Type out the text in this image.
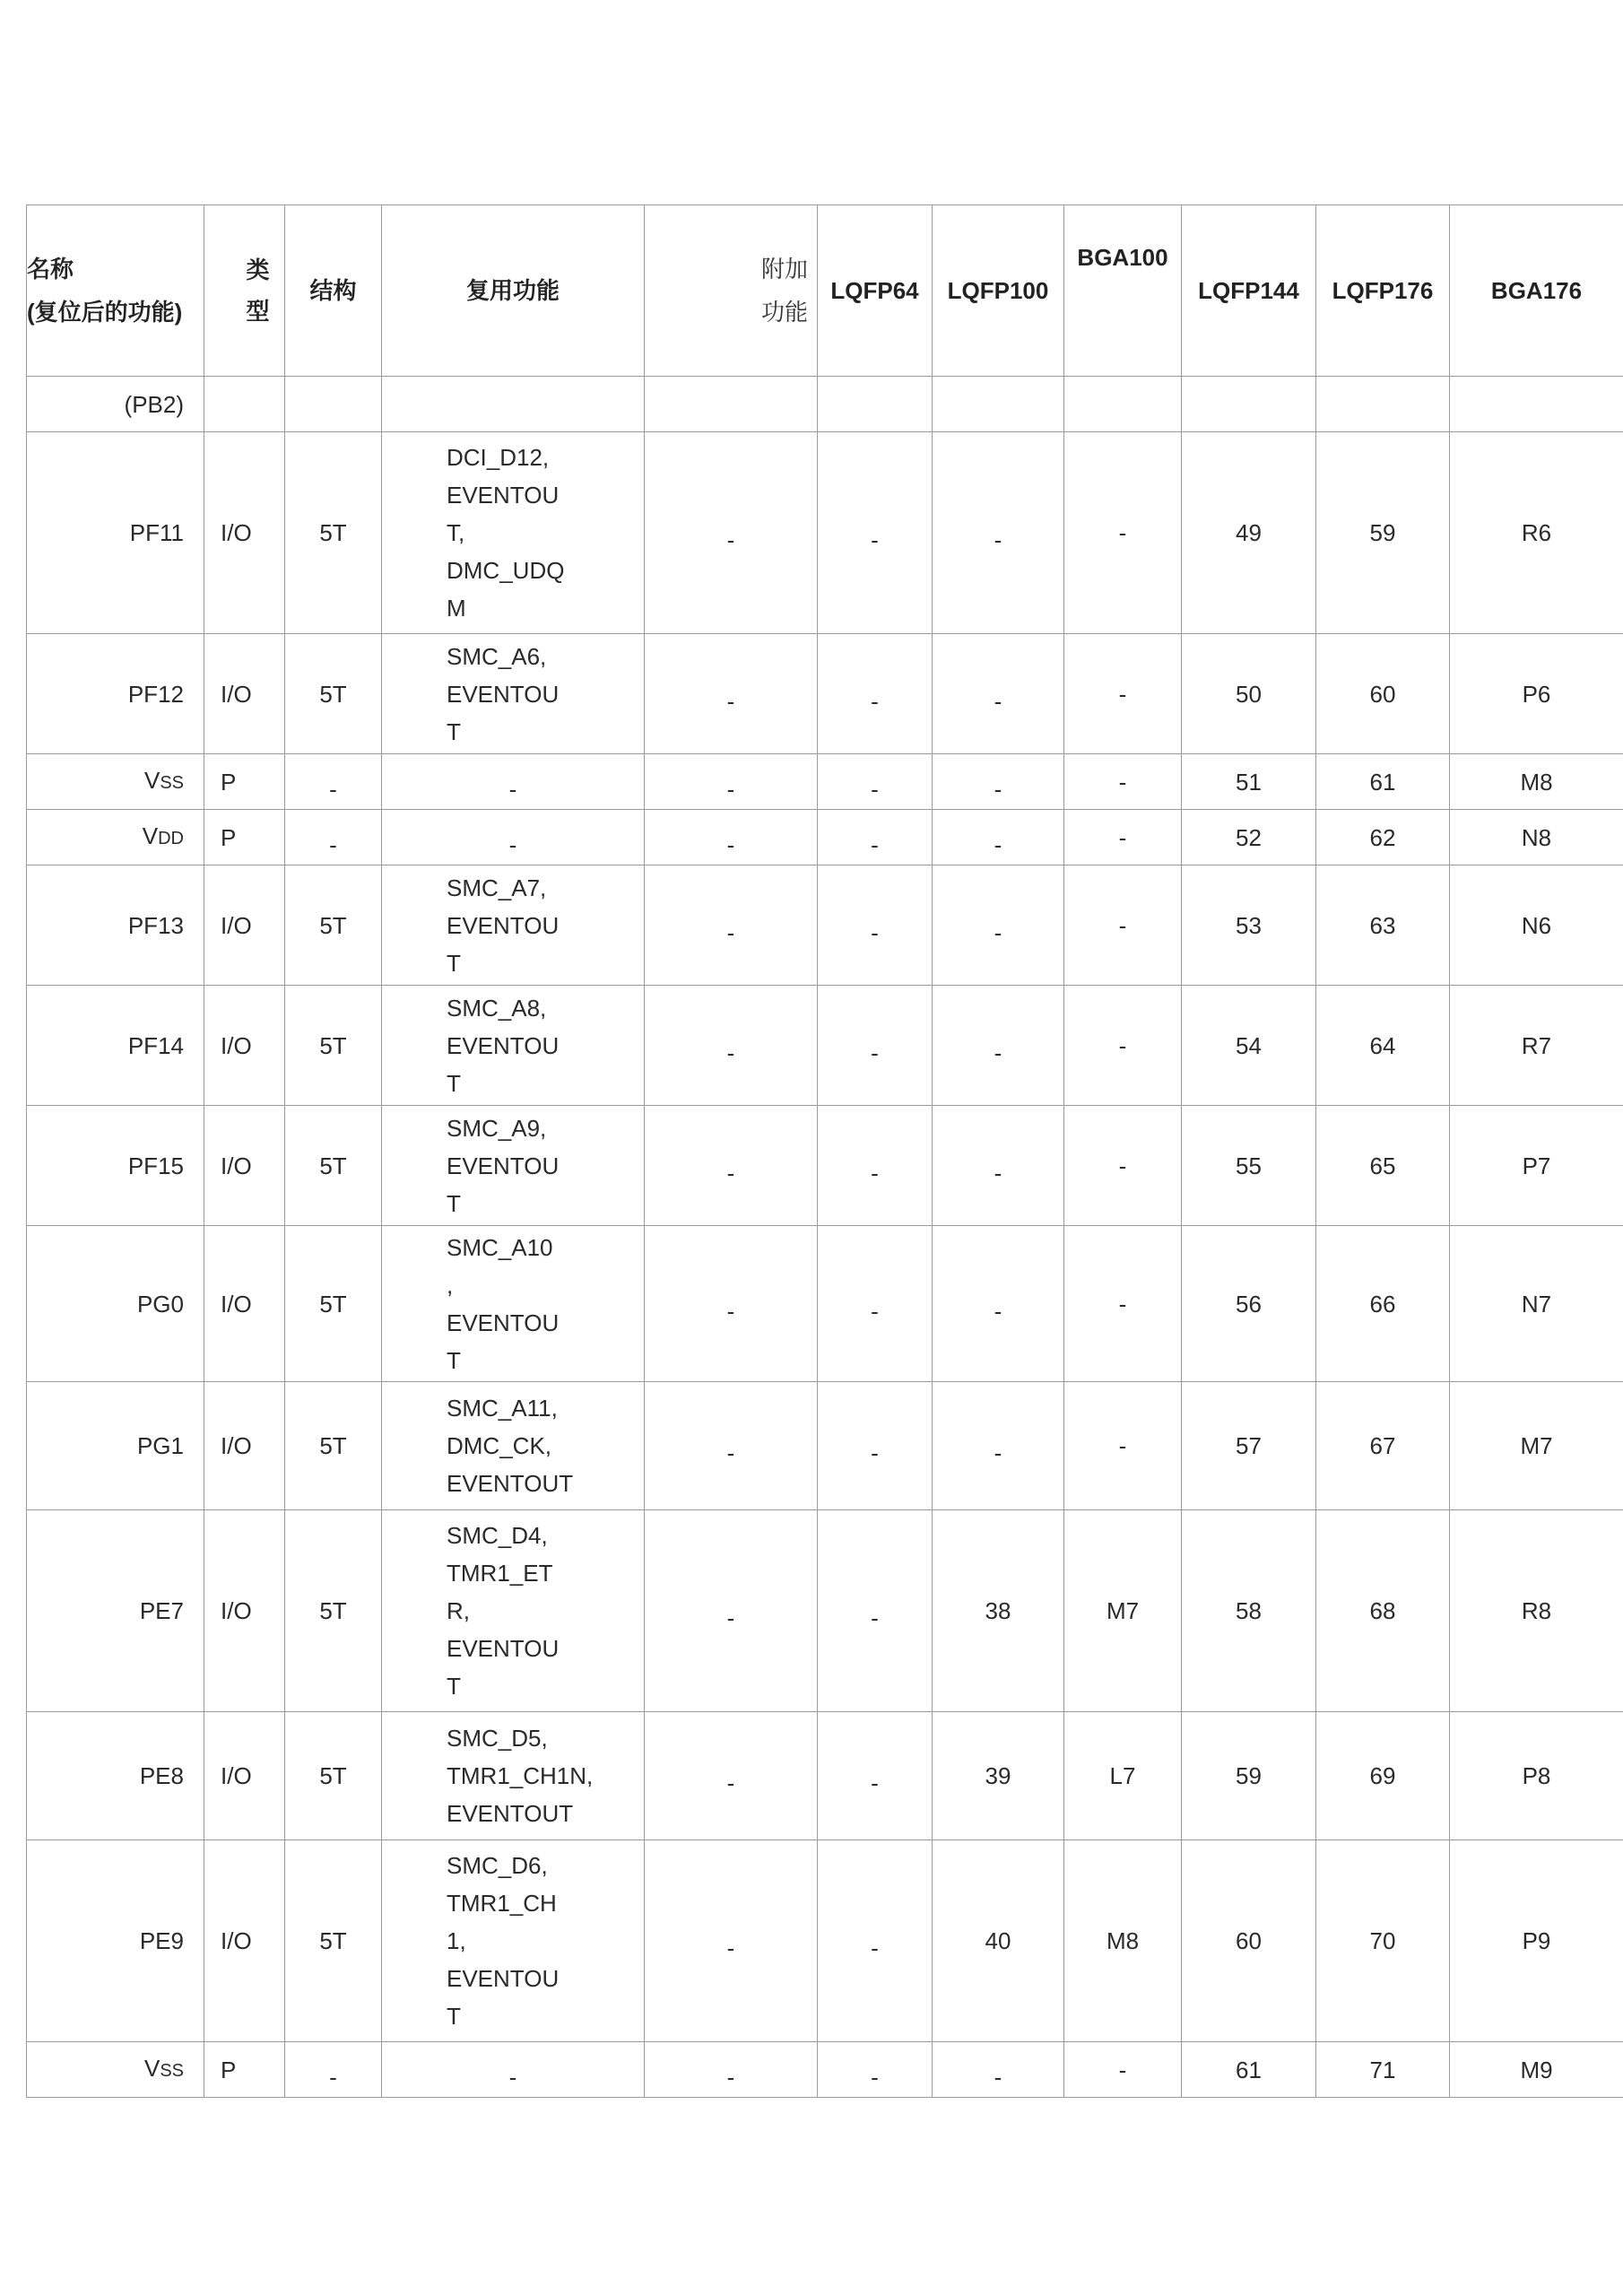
名称
(复位后的功能)	类
型	结构	复用功能	附加功能	LQFP64	LQFP100	BGA100	LQFP144	LQFP176	BGA176
(PB2)										
PF11	I/O	5T	DCI_D12,
EVENTOU
T,
DMC_UDQ
M	-	-	-	-	49	59	R6
PF12	I/O	5T	SMC_A6,
EVENTOU
T	-	-	-	-	50	60	P6
VSS	P	-	-	-	-	-	-	51	61	M8
VDD	P	-	-	-	-	-	-	52	62	N8
PF13	I/O	5T	SMC_A7,
EVENTOU
T	-	-	-	-	53	63	N6
PF14	I/O	5T	SMC_A8,
EVENTOU
T	-	-	-	-	54	64	R7
PF15	I/O	5T	SMC_A9,
EVENTOU
T	-	-	-	-	55	65	P7
PG0	I/O	5T	SMC_A10
,
EVENTOU
T	-	-	-	-	56	66	N7
PG1	I/O	5T	SMC_A11,
DMC_CK,
EVENTOUT	-	-	-	-	57	67	M7
PE7	I/O	5T	SMC_D4,
TMR1_ET
R,
EVENTOU
T	-	-	38	M7	58	68	R8
PE8	I/O	5T	SMC_D5,
TMR1_CH1N,
EVENTOUT	-	-	39	L7	59	69	P8
PE9	I/O	5T	SMC_D6,
TMR1_CH
1,
EVENTOU
T	-	-	40	M8	60	70	P9
VSS	P	-	-	-	-	-	-	61	71	M9
